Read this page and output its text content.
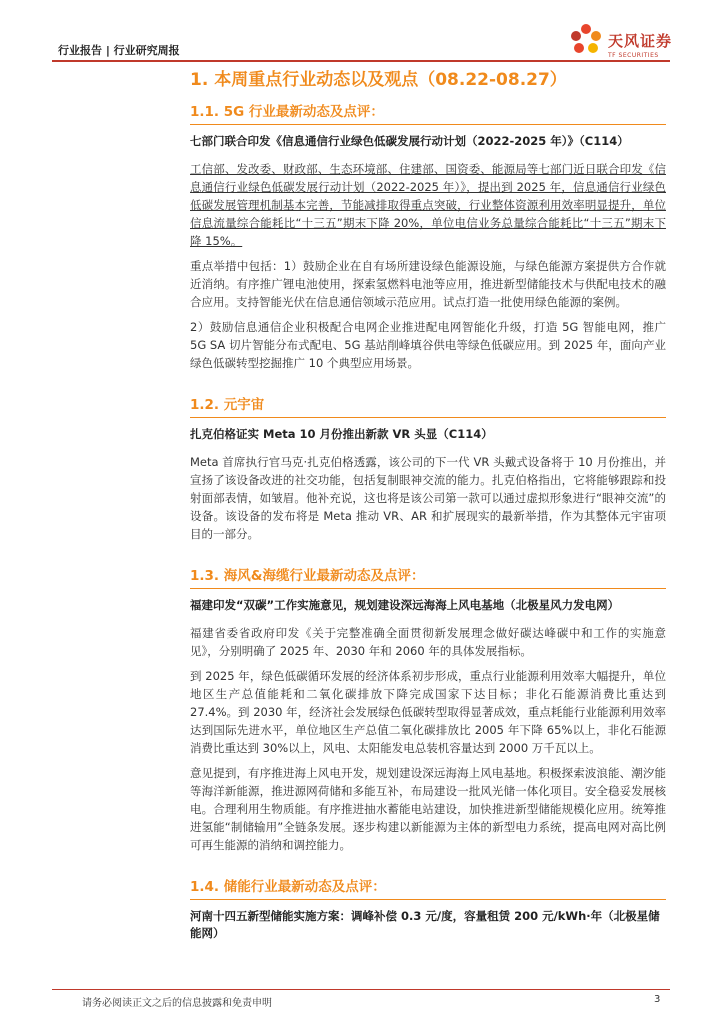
行业报告 | 行业研究周报
天风证券
TF SECURITIES
1. 本周重点行业动态以及观点（08.22-08.27）
1.1. 5G 行业最新动态及点评：
七部门联合印发《信息通信行业绿色低碳发展行动计划（2022-2025 年）》（C114）

工信部、发改委、财政部、生态环境部、住建部、国资委、能源局等七部门近日联合印发《信息通信行业绿色低碳发展行动计划（2022-2025 年）》，提出到 2025 年，信息通信行业绿色低碳发展管理机制基本完善，节能减排取得重点突破，行业整体资源利用效率明显提升，单位信息流量综合能耗比“十三五”期末下降 20%，单位电信业务总量综合能耗比“十三五”期末下降 15%。

重点举措中包括：1）鼓励企业在自有场所建设绿色能源设施，与绿色能源方案提供方合作就近消纳。有序推广锂电池使用，探索氢燃料电池等应用，推进新型储能技术与供配电技术的融合应用。支持智能光伏在信息通信领域示范应用。试点打造一批使用绿色能源的案例。

2）鼓励信息通信企业积极配合电网企业推进配电网智能化升级，打造 5G 智能电网，推广 5G SA 切片智能分布式配电、5G 基站削峰填谷供电等绿色低碳应用。到 2025 年，面向产业绿色低碳转型挖掘推广 10 个典型应用场景。

1.2. 元宇宙
扎克伯格证实 Meta 10 月份推出新款 VR 头显（C114）

Meta 首席执行官马克·扎克伯格透露，该公司的下一代 VR 头戴式设备将于 10 月份推出，并宣扬了该设备改进的社交功能，包括复制眼神交流的能力。扎克伯格指出，它将能够跟踪和投射面部表情，如皱眉。他补充说，这也将是该公司第一款可以通过虚拟形象进行“眼神交流”的设备。该设备的发布将是 Meta 推动 VR、AR 和扩展现实的最新举措，作为其整体元宇宙项目的一部分。

1.3. 海风&海缆行业最新动态及点评：
福建印发“双碳”工作实施意见，规划建设深远海海上风电基地（北极星风力发电网）

福建省委省政府印发《关于完整准确全面贯彻新发展理念做好碳达峰碳中和工作的实施意见》，分别明确了 2025 年、2030 年和 2060 年的具体发展指标。

到 2025 年，绿色低碳循环发展的经济体系初步形成，重点行业能源利用效率大幅提升，单位地区生产总值能耗和二氧化碳排放下降完成国家下达目标；非化石能源消费比重达到 27.4%。到 2030 年，经济社会发展绿色低碳转型取得显著成效，重点耗能行业能源利用效率达到国际先进水平，单位地区生产总值二氧化碳排放比 2005 年下降 65%以上，非化石能源消费比重达到 30%以上，风电、太阳能发电总装机容量达到 2000 万千瓦以上。

意见提到，有序推进海上风电开发，规划建设深远海海上风电基地。积极探索波浪能、潮汐能等海洋新能源，推进源网荷储和多能互补，布局建设一批风光储一体化项目。安全稳妥发展核电。合理利用生物质能。有序推进抽水蓄能电站建设，加快推进新型储能规模化应用。统筹推进氢能“制储输用”全链条发展。逐步构建以新能源为主体的新型电力系统，提高电网对高比例可再生能源的消纳和调控能力。

1.4. 储能行业最新动态及点评：
河南十四五新型储能实施方案：调峰补偿 0.3 元/度，容量租赁 200 元/kWh·年（北极星储能网）
请务必阅读正文之后的信息披露和免责申明	3
